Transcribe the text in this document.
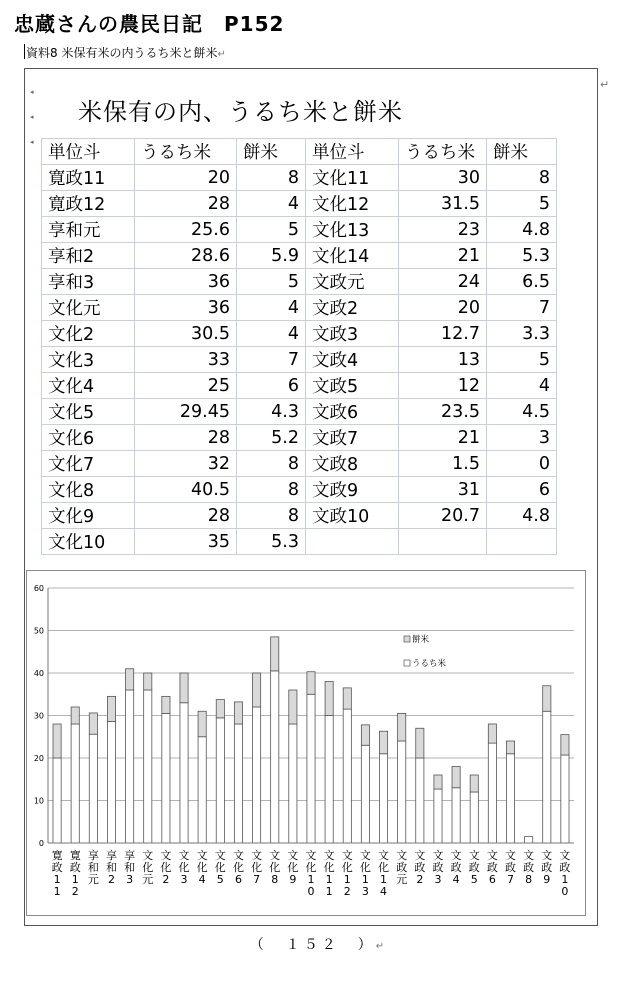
忠蔵さんの農民日記　P152
資料8 米保有米の内うるち米と餅米↵
↵
◂
◂
◂
米保有の内、うるち米と餅米
単位斗	うるち米	餅米	単位斗	うるち米	餅米
寛政11	20	8	文化11	30	8
寛政12	28	4	文化12	31.5	5
享和元	25.6	5	文化13	23	4.8
享和2	28.6	5.9	文化14	21	5.3
享和3	36	5	文政元	24	6.5
文化元	36	4	文政2	20	7
文化2	30.5	4	文政3	12.7	3.3
文化3	33	7	文政4	13	5
文化4	25	6	文政5	12	4
文化5	29.45	4.3	文政6	23.5	4.5
文化6	28	5.2	文政7	21	3
文化7	32	8	文政8	1.5	0
文化8	40.5	8	文政9	31	6
文化9	28	8	文政10	20.7	4.8
文化10	35	5.3			
0
10
20
30
40
50
60
寛政 1 1
寛政 1 2
享和元
享和 2
享和 3
文化元
文化 2
文化 3
文化 4
文化 5
文化 6
文化 7
文化 8
文化 9
文化 1 0
文化 1 1
文化 1 2
文化 1 3
文化 1 4
文政元
文政 2
文政 3
文政 4
文政 5
文政 6
文政 7
文政 8
文政 9
文政 1 0
餅米
うるち米
（　１５２　）↵
